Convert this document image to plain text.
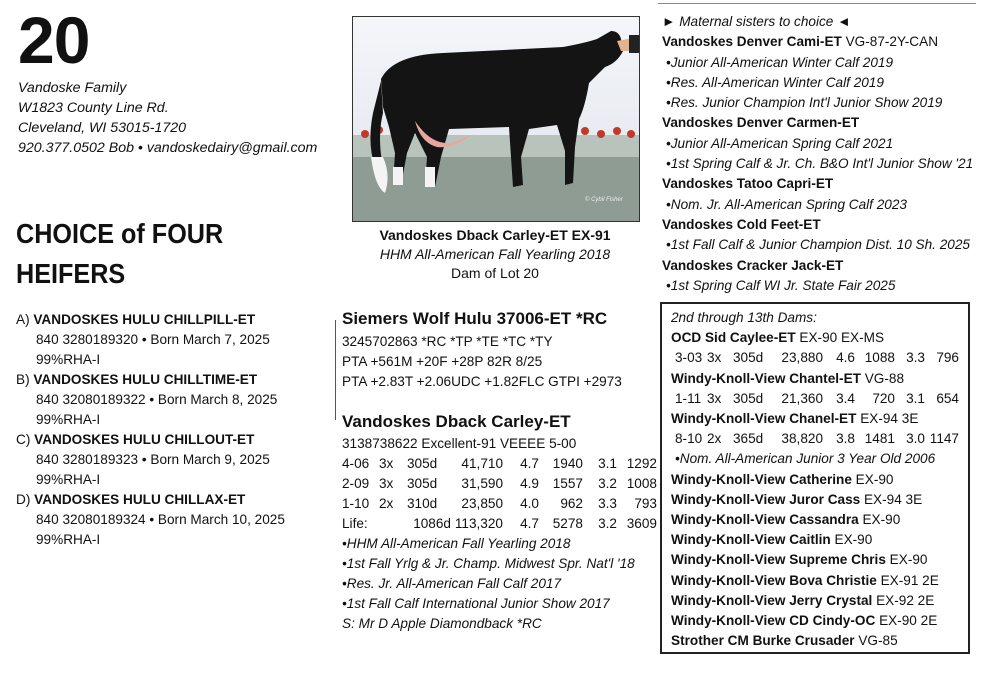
20
Vandoske Family
W1823 County Line Rd.
Cleveland, WI 53015-1720
920.377.0502 Bob • vandoskedairy@gmail.com
CHOICE of FOUR
HEIFERS
A) VANDOSKES HULU CHILLPILL-ET
840 3280189320 • Born March 7, 2025
99%RHA-I
B) VANDOSKES HULU CHILLTIME-ET
840 32080189322 • Born March 8, 2025
99%RHA-I
C) VANDOSKES HULU CHILLOUT-ET
840 3280189323 • Born March 9, 2025
99%RHA-I
D) VANDOSKES HULU CHILLAX-ET
840 32080189324 • Born March 10, 2025
99%RHA-I
© Cybil Fisher
Vandoskes Dback Carley-ET EX-91
HHM All-American Fall Yearling 2018
Dam of Lot 20
Siemers Wolf Hulu 37006-ET *RC
3245702863 *RC *TP *TE *TC *TY
PTA +561M +20F +28P 82R 8/25
PTA +2.83T +2.06UDC +1.82FLC GTPI +2973
Vandoskes Dback Carley-ET
3138738622 Excellent-91 VEEEE 5-00
4-06	3x	305d	41,710	4.7	1940	3.1	1292
2-09	3x	305d	31,590	4.9	1557	3.2	1008
1-10	2x	310d	23,850	4.0	962	3.3	793
Life:	1086d		113,320	4.7	5278	3.2	3609
•HHM All-American Fall Yearling 2018
•1st Fall Yrlg & Jr. Champ. Midwest Spr. Nat'l '18
•Res. Jr. All-American Fall Calf 2017
•1st Fall Calf International Junior Show 2017
S: Mr D Apple Diamondback *RC
► Maternal sisters to choice ◄
Vandoskes Denver Cami-ET VG-87-2Y-CAN
•Junior All-American Winter Calf 2019
•Res. All-American Winter Calf 2019
•Res. Junior Champion Int'l Junior Show 2019
Vandoskes Denver Carmen-ET
•Junior All-American Spring Calf 2021
•1st Spring Calf & Jr. Ch. B&O Int'l Junior Show '21
Vandoskes Tatoo Capri-ET
•Nom. Jr. All-American Spring Calf 2023
Vandoskes Cold Feet-ET
•1st Fall Calf & Junior Champion Dist. 10 Sh. 2025
Vandoskes Cracker Jack-ET
•1st Spring Calf WI Jr. State Fair 2025
2nd through 13th Dams:
OCD Sid Caylee-ET EX-90 EX-MS
3-03	3x	305d	23,880	4.6	1088	3.3	796
Windy-Knoll-View Chantel-ET VG-88
1-11	3x	305d	21,360	3.4	720	3.1	654
Windy-Knoll-View Chanel-ET EX-94 3E
8-10	2x	365d	38,820	3.8	1481	3.0	1147
•Nom. All-American Junior 3 Year Old 2006
Windy-Knoll-View Catherine EX-90
Windy-Knoll-View Juror Cass EX-94 3E
Windy-Knoll-View Cassandra EX-90
Windy-Knoll-View Caitlin EX-90
Windy-Knoll-View Supreme Chris EX-90
Windy-Knoll-View Bova Christie EX-91 2E
Windy-Knoll-View Jerry Crystal EX-92 2E
Windy-Knoll-View CD Cindy-OC EX-90 2E
Strother CM Burke Crusader VG-85
